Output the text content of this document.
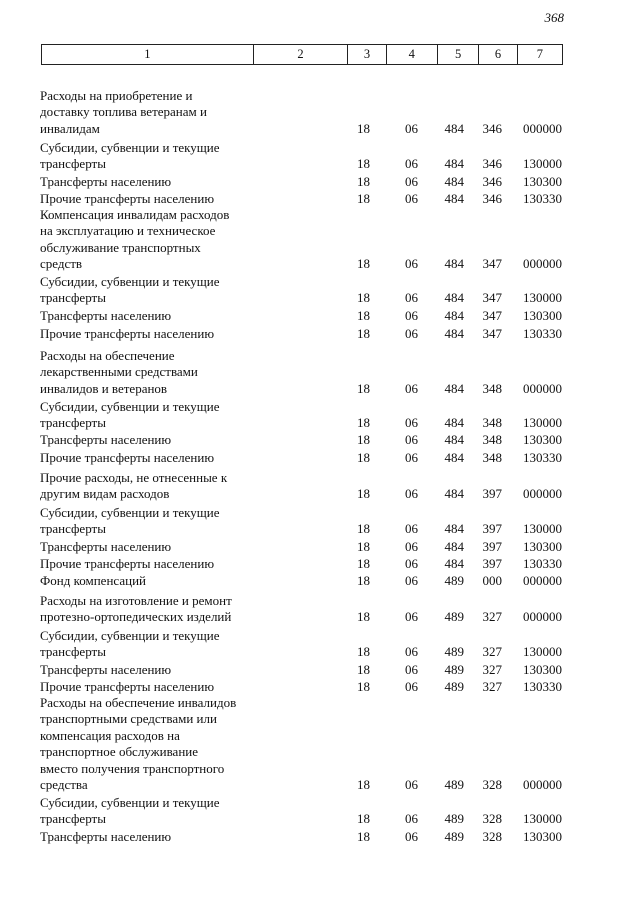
368
1	2	3	4	5	6	7
Расходы на приобретение и
доставку топлива ветеранам и
инвалидам	18	06	484	346	000000
Субсидии, субвенции и текущие
трансферты	18	06	484	346	130000
Трансферты населению	18	06	484	346	130300
Прочие трансферты населению	18	06	484	346	130330
Компенсация инвалидам расходов
на эксплуатацию и техническое
обслуживание транспортных
средств	18	06	484	347	000000
Субсидии, субвенции и текущие
трансферты	18	06	484	347	130000
Трансферты населению	18	06	484	347	130300
Прочие трансферты населению	18	06	484	347	130330
Расходы на обеспечение
лекарственными средствами
инвалидов и ветеранов	18	06	484	348	000000
Субсидии, субвенции и текущие
трансферты	18	06	484	348	130000
Трансферты населению	18	06	484	348	130300
Прочие трансферты населению	18	06	484	348	130330
Прочие расходы, не отнесенные к
другим видам расходов	18	06	484	397	000000
Субсидии, субвенции и текущие
трансферты	18	06	484	397	130000
Трансферты населению	18	06	484	397	130300
Прочие трансферты населению	18	06	484	397	130330
Фонд компенсаций	18	06	489	000	000000
Расходы на изготовление и ремонт
протезно-ортопедических изделий	18	06	489	327	000000
Субсидии, субвенции и текущие
трансферты	18	06	489	327	130000
Трансферты населению	18	06	489	327	130300
Прочие трансферты населению	18	06	489	327	130330
Расходы на обеспечение инвалидов
транспортными средствами или
компенсация расходов на
транспортное обслуживание
вместо получения транспортного
средства	18	06	489	328	000000
Субсидии, субвенции и текущие
трансферты	18	06	489	328	130000
Трансферты населению	18	06	489	328	130300
